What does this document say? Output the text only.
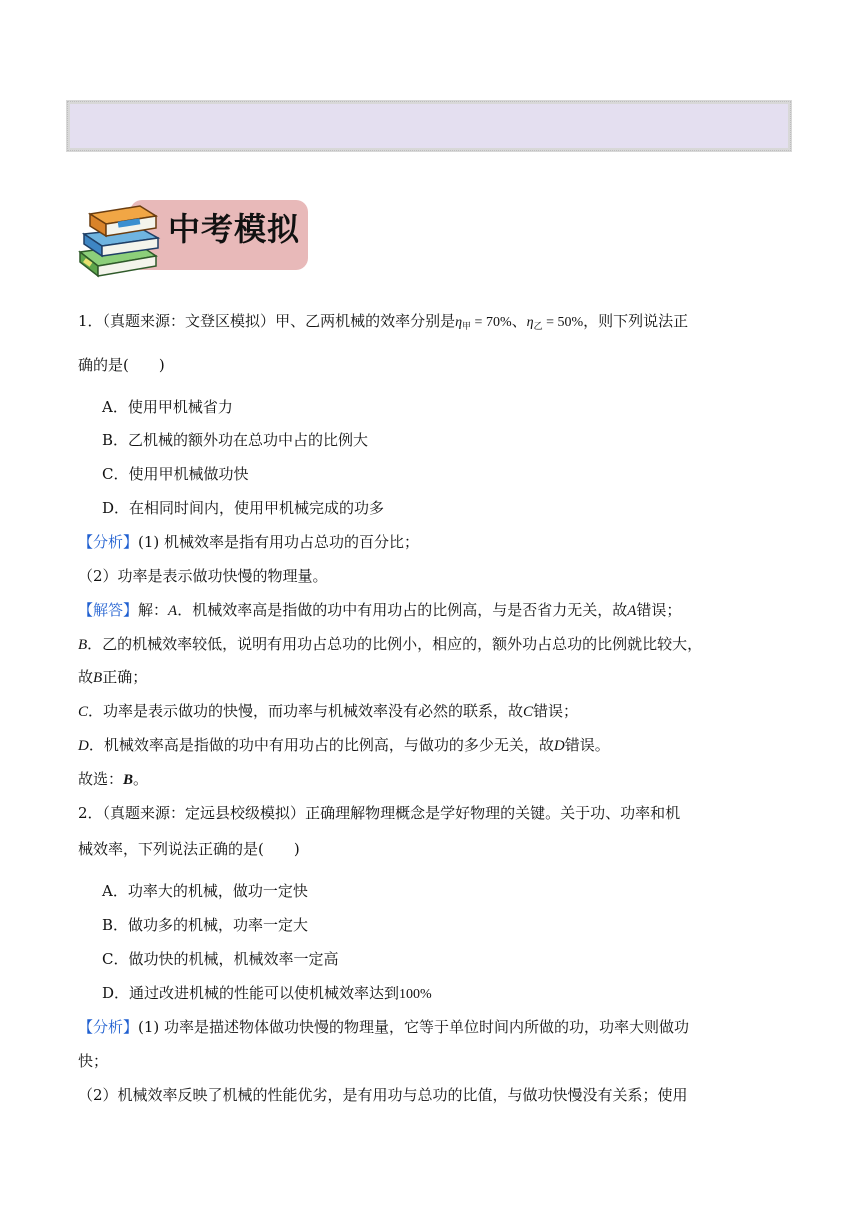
中考模拟
1．（真题来源：文登区模拟）甲、乙两机械的效率分别是$\eta_甲 = 70\%$、$\eta_乙 = 50\%$，则下列说法正
确的是(　　)
A．使用甲机械省力
B．乙机械的额外功在总功中占的比例大
C．使用甲机械做功快
D．在相同时间内，使用甲机械完成的功多
【分析】(1) 机械效率是指有用功占总功的百分比；
（2）功率是表示做功快慢的物理量。
【解答】解：A．机械效率高是指做的功中有用功占的比例高，与是否省力无关，故A错误；
B．乙的机械效率较低，说明有用功占总功的比例小，相应的，额外功占总功的比例就比较大，
故B正确；
C．功率是表示做功的快慢，而功率与机械效率没有必然的联系，故C错误；
D．机械效率高是指做的功中有用功占的比例高，与做功的多少无关，故D错误。
故选：B。
2．（真题来源：定远县校级模拟）正确理解物理概念是学好物理的关键。关于功、功率和机
械效率，下列说法正确的是(　　)
A．功率大的机械，做功一定快
B．做功多的机械，功率一定大
C．做功快的机械，机械效率一定高
D．通过改进机械的性能可以使机械效率达到100%
【分析】(1) 功率是描述物体做功快慢的物理量，它等于单位时间内所做的功，功率大则做功
快；
（2）机械效率反映了机械的性能优劣，是有用功与总功的比值，与做功快慢没有关系；使用
